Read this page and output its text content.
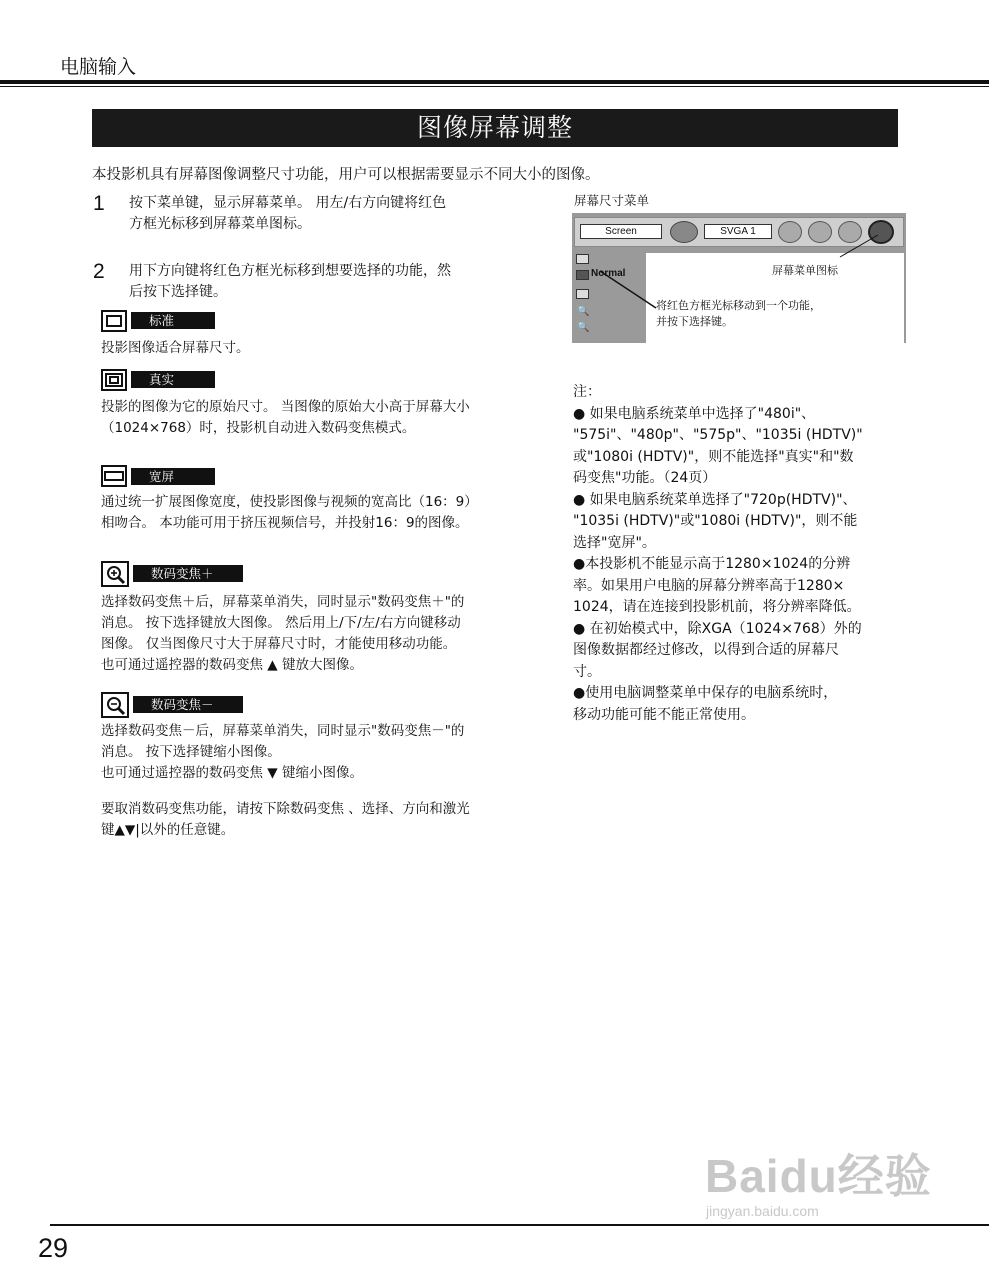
电脑输入
图像屏幕调整
本投影机具有屏幕图像调整尺寸功能，用户可以根据需要显示不同大小的图像。
1 按下菜单键，显示屏幕菜单。 用左/右方向键将红色
方框光标移到屏幕菜单图标。
2 用下方向键将红色方框光标移到想要选择的功能，然
后按下选择键。
标准
投影图像适合屏幕尺寸。
真实
投影的图像为它的原始尺寸。 当图像的原始大小高于屏幕大小
（1024×768）时，投影机自动进入数码变焦模式。
宽屏
通过统一扩展图像宽度，使投影图像与视频的宽高比（16：9）
相吻合。 本功能可用于挤压视频信号，并投射16：9的图像。
数码变焦＋
选择数码变焦＋后，屏幕菜单消失，同时显示"数码变焦＋"的
消息。 按下选择键放大图像。 然后用上/下/左/右方向键移动
图像。 仅当图像尺寸大于屏幕尺寸时，才能使用移动功能。
也可通过遥控器的数码变焦 ▲ 键放大图像。
数码变焦－
选择数码变焦－后，屏幕菜单消失，同时显示"数码变焦－"的
消息。 按下选择键缩小图像。
也可通过遥控器的数码变焦 ▼ 键缩小图像。
要取消数码变焦功能，请按下除数码变焦 、选择、方向和激光
键▲▼|以外的任意键。
屏幕尺寸菜单
Screen	SVGA 1
🔍
🔍
Normal	屏幕菜单图标
将红色方框光标移动到一个功能，
并按下选择键。
注：
● 如果电脑系统菜单中选择了"480i"、
"575i"、"480p"、"575p"、"1035i (HDTV)"
或"1080i (HDTV)"，则不能选择"真实"和"数
码变焦"功能。（24页）
● 如果电脑系统菜单选择了"720p(HDTV)"、
"1035i (HDTV)"或"1080i (HDTV)"，则不能
选择"宽屏"。
●本投影机不能显示高于1280×1024的分辨
率。如果用户电脑的屏幕分辨率高于1280×
1024，请在连接到投影机前，将分辨率降低。
● 在初始模式中，除XGA（1024×768）外的
图像数据都经过修改，以得到合适的屏幕尺
寸。
●使用电脑调整菜单中保存的电脑系统时，
移动功能可能不能正常使用。
Baidu经验
jingyan.baidu.com
29
